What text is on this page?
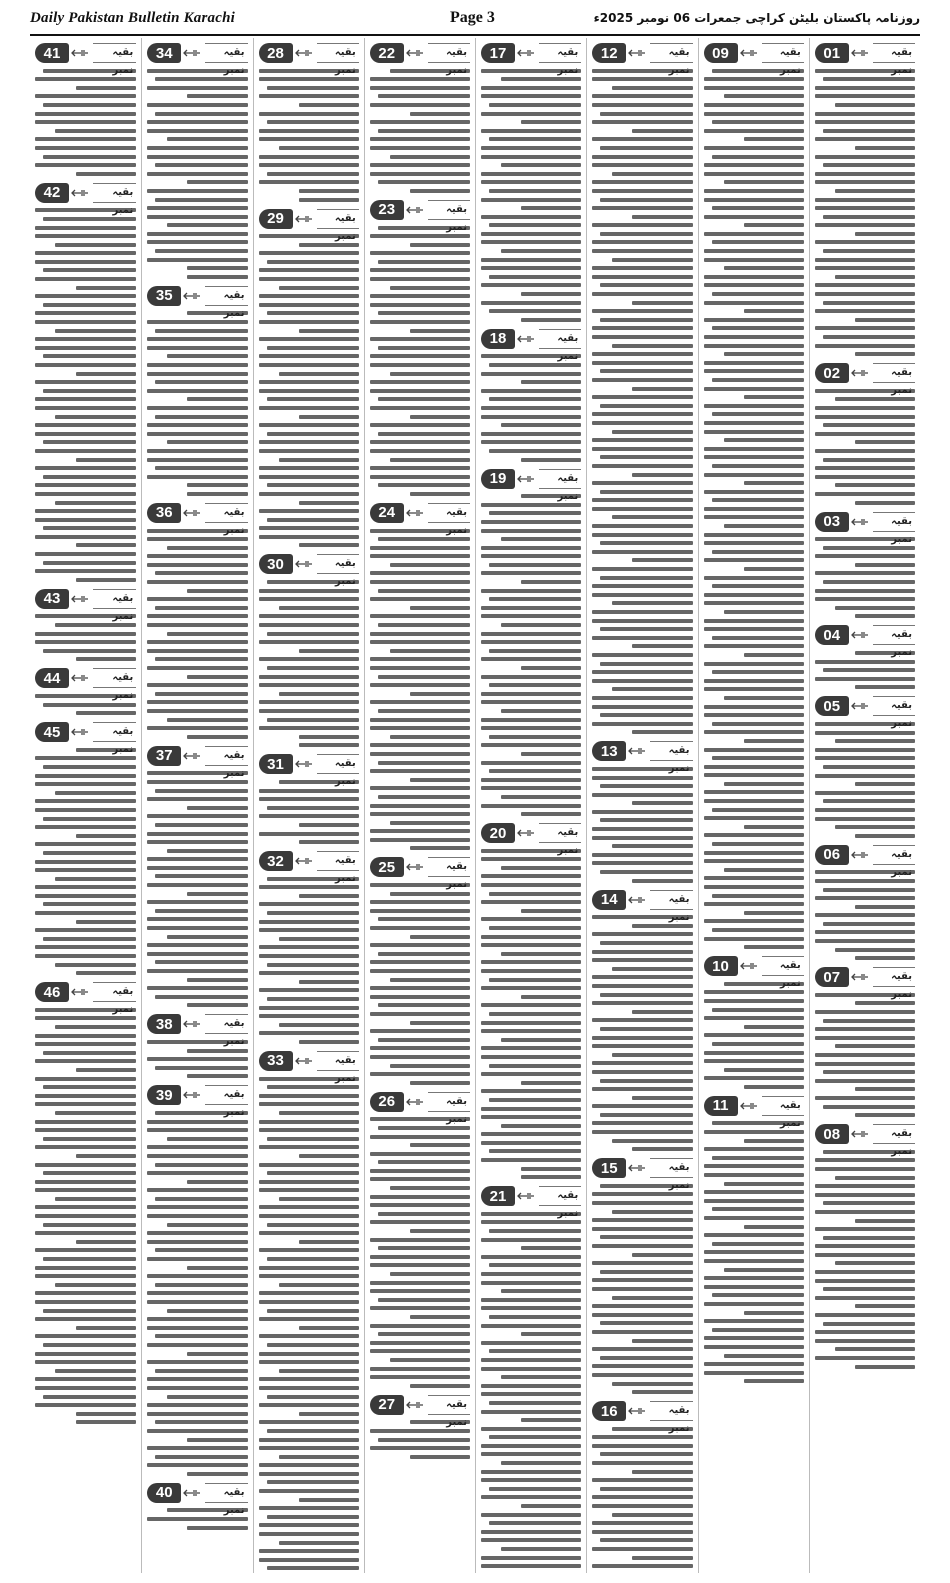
Daily Pakistan Bulletin Karachi	Page 3	روزنامہ پاکستان بلیٹن کراچی جمعرات 06 نومبر 2025ء
01	بقیہ نمبر
02	بقیہ نمبر
03	بقیہ نمبر
04	بقیہ نمبر
05	بقیہ نمبر
06	بقیہ نمبر
07	بقیہ نمبر
08	بقیہ نمبر
09	بقیہ نمبر
10	بقیہ نمبر
11	بقیہ نمبر
12	بقیہ نمبر
13	بقیہ نمبر
14	بقیہ نمبر
15	بقیہ نمبر
16	بقیہ نمبر
17	بقیہ نمبر
18	بقیہ نمبر
19	بقیہ نمبر
20	بقیہ نمبر
21	بقیہ نمبر
22	بقیہ نمبر
23	بقیہ نمبر
24	بقیہ نمبر
25	بقیہ نمبر
26	بقیہ نمبر
27	بقیہ نمبر
28	بقیہ نمبر
29	بقیہ نمبر
30	بقیہ نمبر
31	بقیہ نمبر
32	بقیہ نمبر
33	بقیہ نمبر
34	بقیہ نمبر
35	بقیہ نمبر
36	بقیہ نمبر
37	بقیہ نمبر
38	بقیہ نمبر
39	بقیہ نمبر
40	بقیہ نمبر
41	بقیہ نمبر
42	بقیہ نمبر
43	بقیہ نمبر
44	بقیہ نمبر
45	بقیہ نمبر
46	بقیہ نمبر
